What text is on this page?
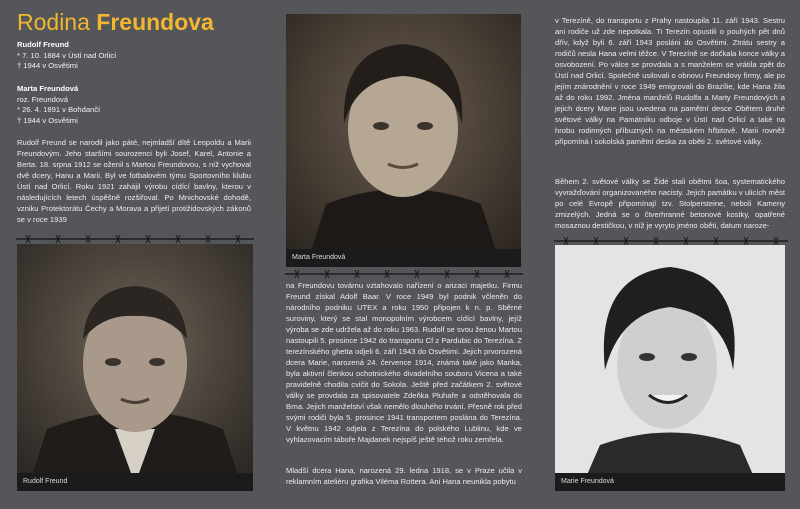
Rodina Freundova
Rudolf Freund
* 7. 10. 1884 v Ústí nad Orlicí
† 1944 v Osvětimi
Marta Freundová
roz. Freundová
* 26. 4. 1891 v Bohdančí
† 1944 v Osvětimi
Rudolf Freund se narodil jako páté, nejmladší dítě Leopoldu a Marii Freundovým. Jeho staršími sourozenci byli Josef, Karel, Antonie a Berta. 18. srpna 1912 se oženil s Martou Freundovou, s níž vychoval dvě dcery, Hanu a Marii. Byl ve fotbalovém týmu Sportovního klubu Ústí nad Orlicí. Roku 1921 zahájil výrobu cídící bavlny, kterou v následujících letech úspěšně rozšiřoval. Po Mnichovské dohodě, vzniku Protektorátu Čechy a Morava a přijetí protižidovských zákonů se v roce 1939
Rudolf Freund
Marta Freundová
na Freundovu továrnu vztahovalo nařízení o arizaci majetku. Firmu Freund získal Adolf Baar. V roce 1949 byl podnik včleněn do národního podniku UTEX a roku 1950 připojen k n. p. Sběrné suroviny, který se stal monopolním výrobcem cídící bavlny, jejíž výroba se zde udržela až do roku 1963. Rudolf se svou ženou Martou nastoupili 5. prosince 1942 do transportu Cf z Pardubic do Terezína. Z terezínského ghetta odjeli 6. září 1943 do Osvětimi. Jejich prvorozená dcera Marie, narozená 24. července 1914, známá také jako Manka, byla aktivní členkou ochotnického divadelního souboru Vicena a také pravidelně chodila cvičit do Sokola. Ještě před začátkem 2. světové války se provdala za spisovatele Zdeňka Pluhaře a odstěhovala do Brna. Jejich manželství však nemělo dlouhého trvání. Přesně rok před svými rodiči byla 5. prosince 1941 transportem poslána do Terezína. V květnu 1942 odjela z Terezína do polského Lublinu, kde ve vyhlazovacím táboře Majdanek nejspíš ještě téhož roku zemřela.
Mladší dcera Hana, narozená 29. ledna 1918, se v Praze učila v reklamním ateliéru grafika Viléma Rottera. Ani Hana neunikla pobytu
v Terezíně, do transportu z Prahy nastoupila 11. září 1943. Sestru ani rodiče už zde nepotkala. Ti Terezín opustili o pouhých pět dnů dřív, když byli 6. září 1943 posláni do Osvětimi. Ztrátu sestry a rodičů nesla Hana velmi těžce. V Terezíně se dočkala konce války a osvobození. Po válce se provdala a s manželem se vrátila zpět do Ústí nad Orlicí. Společně usilovali o obnovu Freundovy firmy, ale po jejím znárodnění v roce 1949 emigrovali do Brazílie, kde Hana žila až do roku 1992. Jména manželů Rudolfa a Marty Freundových a jejich dcery Marie jsou uvedena na pamětní desce Obětem druhé světové války na Památníku odboje v Ústí nad Orlicí a také na hrobu rodinných příbuzných na městském hřbitově. Marii rovněž připomíná i sokolská pamětní deska za oběti 2. světové války.
Během 2. světové války se Židé stali obětmi šoa, systematického vyvražďování organizovaného nacisty. Jejich památku v ulicích měst po celé Evropě připomínají tzv. Stolpersteine, neboli Kameny zmizelých. Jedná se o čtverhranné betonové kostky, opatřené mosaznou destičkou, v níž je vyryto jméno oběti, datum naroze-
Marie Freundová
